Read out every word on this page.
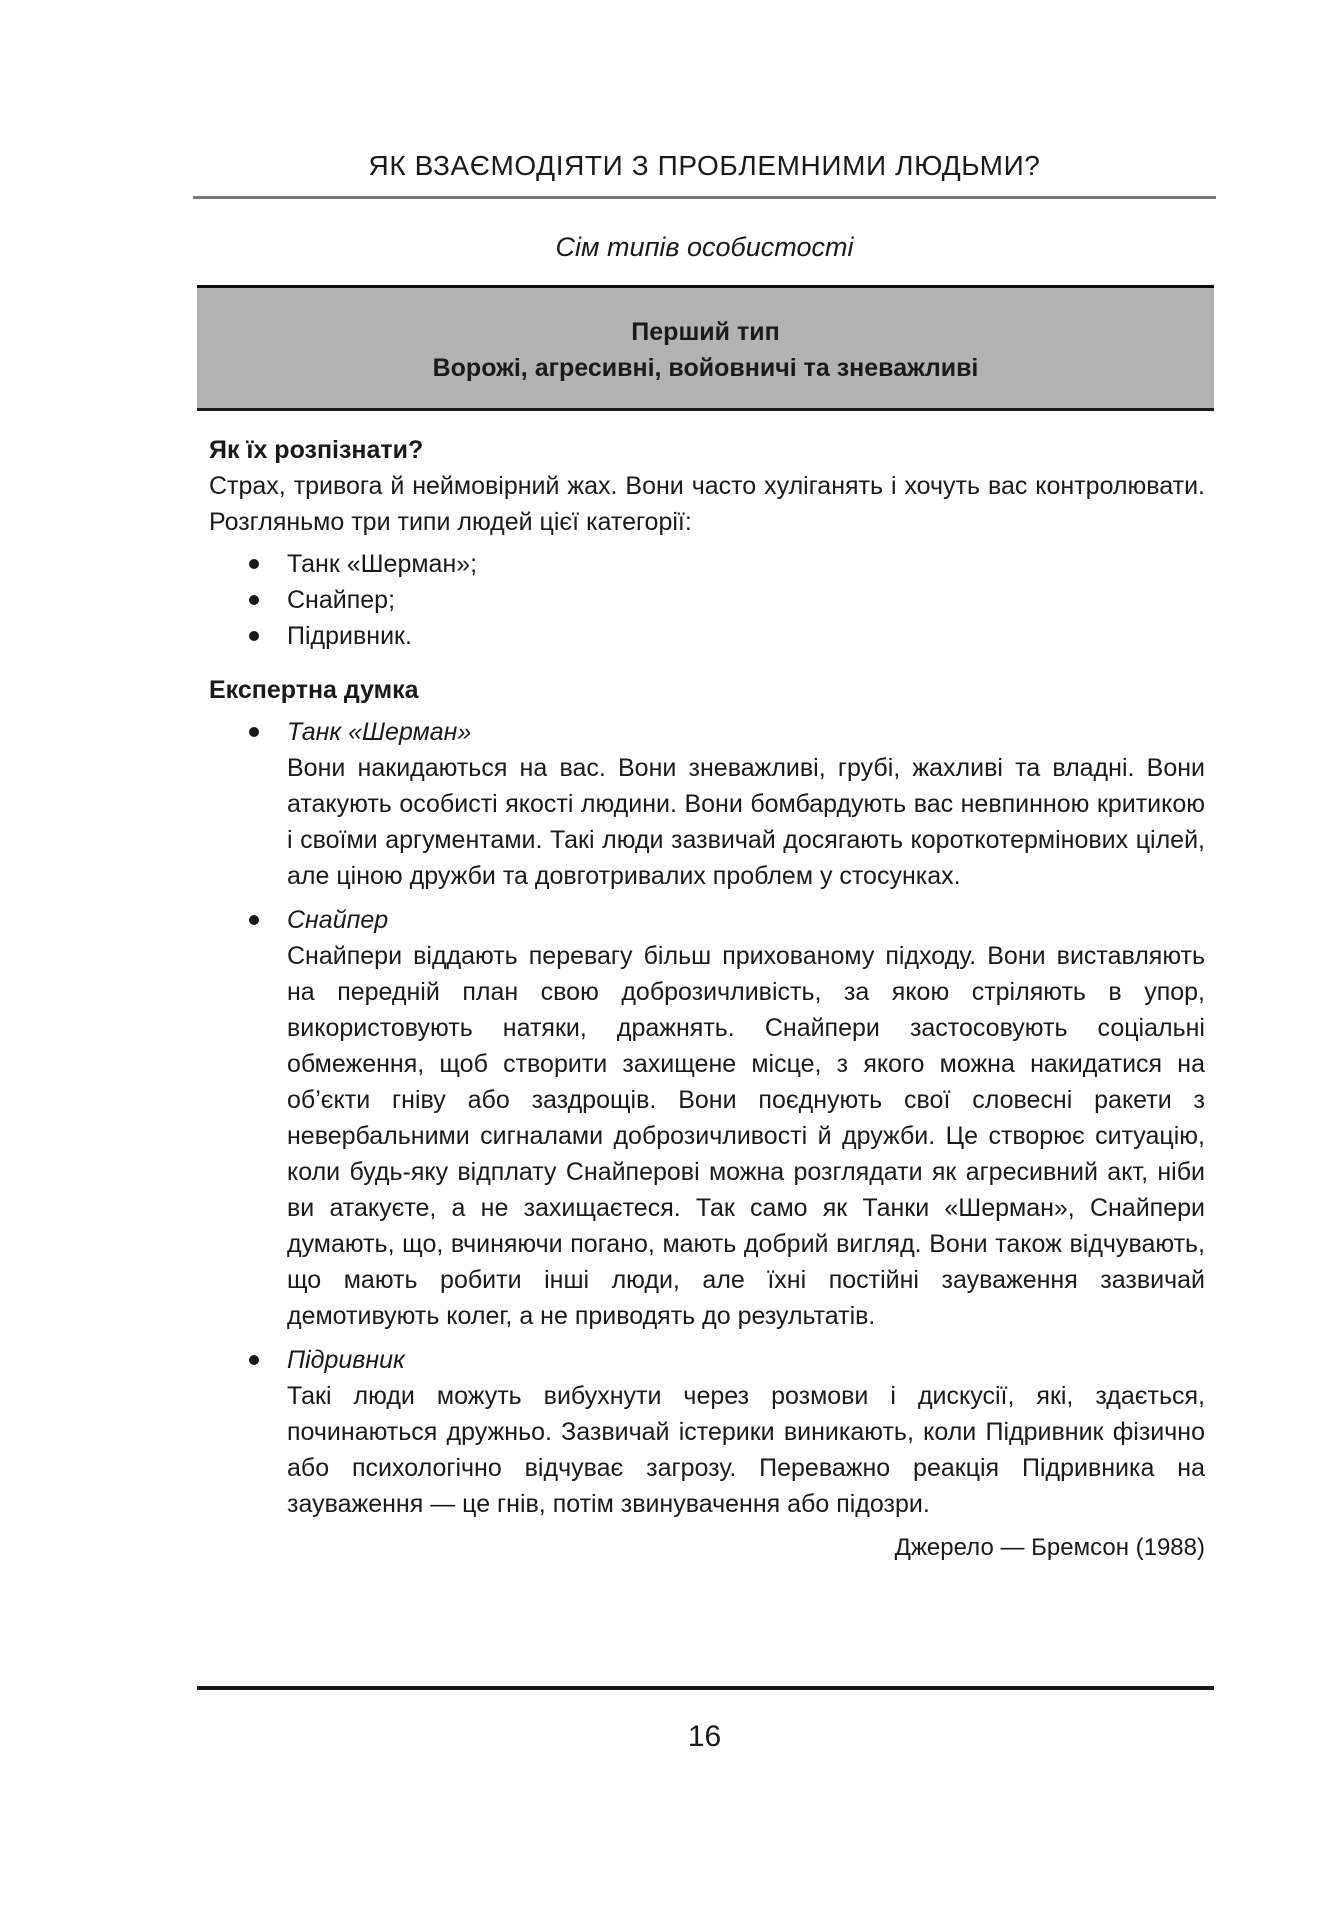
ЯК ВЗАЄМОДІЯТИ З ПРОБЛЕМНИМИ ЛЮДЬМИ?
Сім типів особистості
Перший тип
Ворожі, агресивні, войовничі та зневажливі

Як їх розпізнати?

Страх, тривога й неймовірний жах. Вони часто хуліганять і хочуть вас контролювати. Розгляньмо три типи людей цієї категорії:

Танк «Шерман»;
Снайпер;
Підривник.

Експертна думка

Танк «Шерман»

Вони накидаються на вас. Вони зневажливі, грубі, жахливі та владні. Вони атакують особисті якості людини. Вони бомбардують вас невпинною критикою і своїми аргументами. Такі люди зазвичай досягають короткотермінових цілей, але ціною дружби та довготривалих проблем у стосунках.

Снайпер

Снайпери віддають перевагу більш прихованому підходу. Вони виставляють на передній план свою доброзичливість, за якою стріляють в упор, використовують натяки, дражнять. Снайпери застосовують соціальні обмеження, щоб створити захищене місце, з якого можна накидатися на об’єкти гніву або заздрощів. Вони поєднують свої словесні ракети з невербальними сигналами доброзичливості й дружби. Це створює ситуацію, коли будь-яку відплату Снайперові можна розглядати як агресивний акт, ніби ви атакуєте, а не захищаєтеся. Так само як Танки «Шерман», Снайпери думають, що, вчиняючи погано, мають добрий вигляд. Вони також відчувають, що мають робити інші люди, але їхні постійні зауваження зазвичай демотивують колег, а не приводять до результатів.

Підривник

Такі люди можуть вибухнути через розмови і дискусії, які, здається, починаються дружньо. Зазвичай істерики виникають, коли Підривник фізично або психологічно відчуває загрозу. Переважно реакція Підривника на зауваження — це гнів, потім звинувачення або підозри.

Джерело — Бремсон (1988)
16
